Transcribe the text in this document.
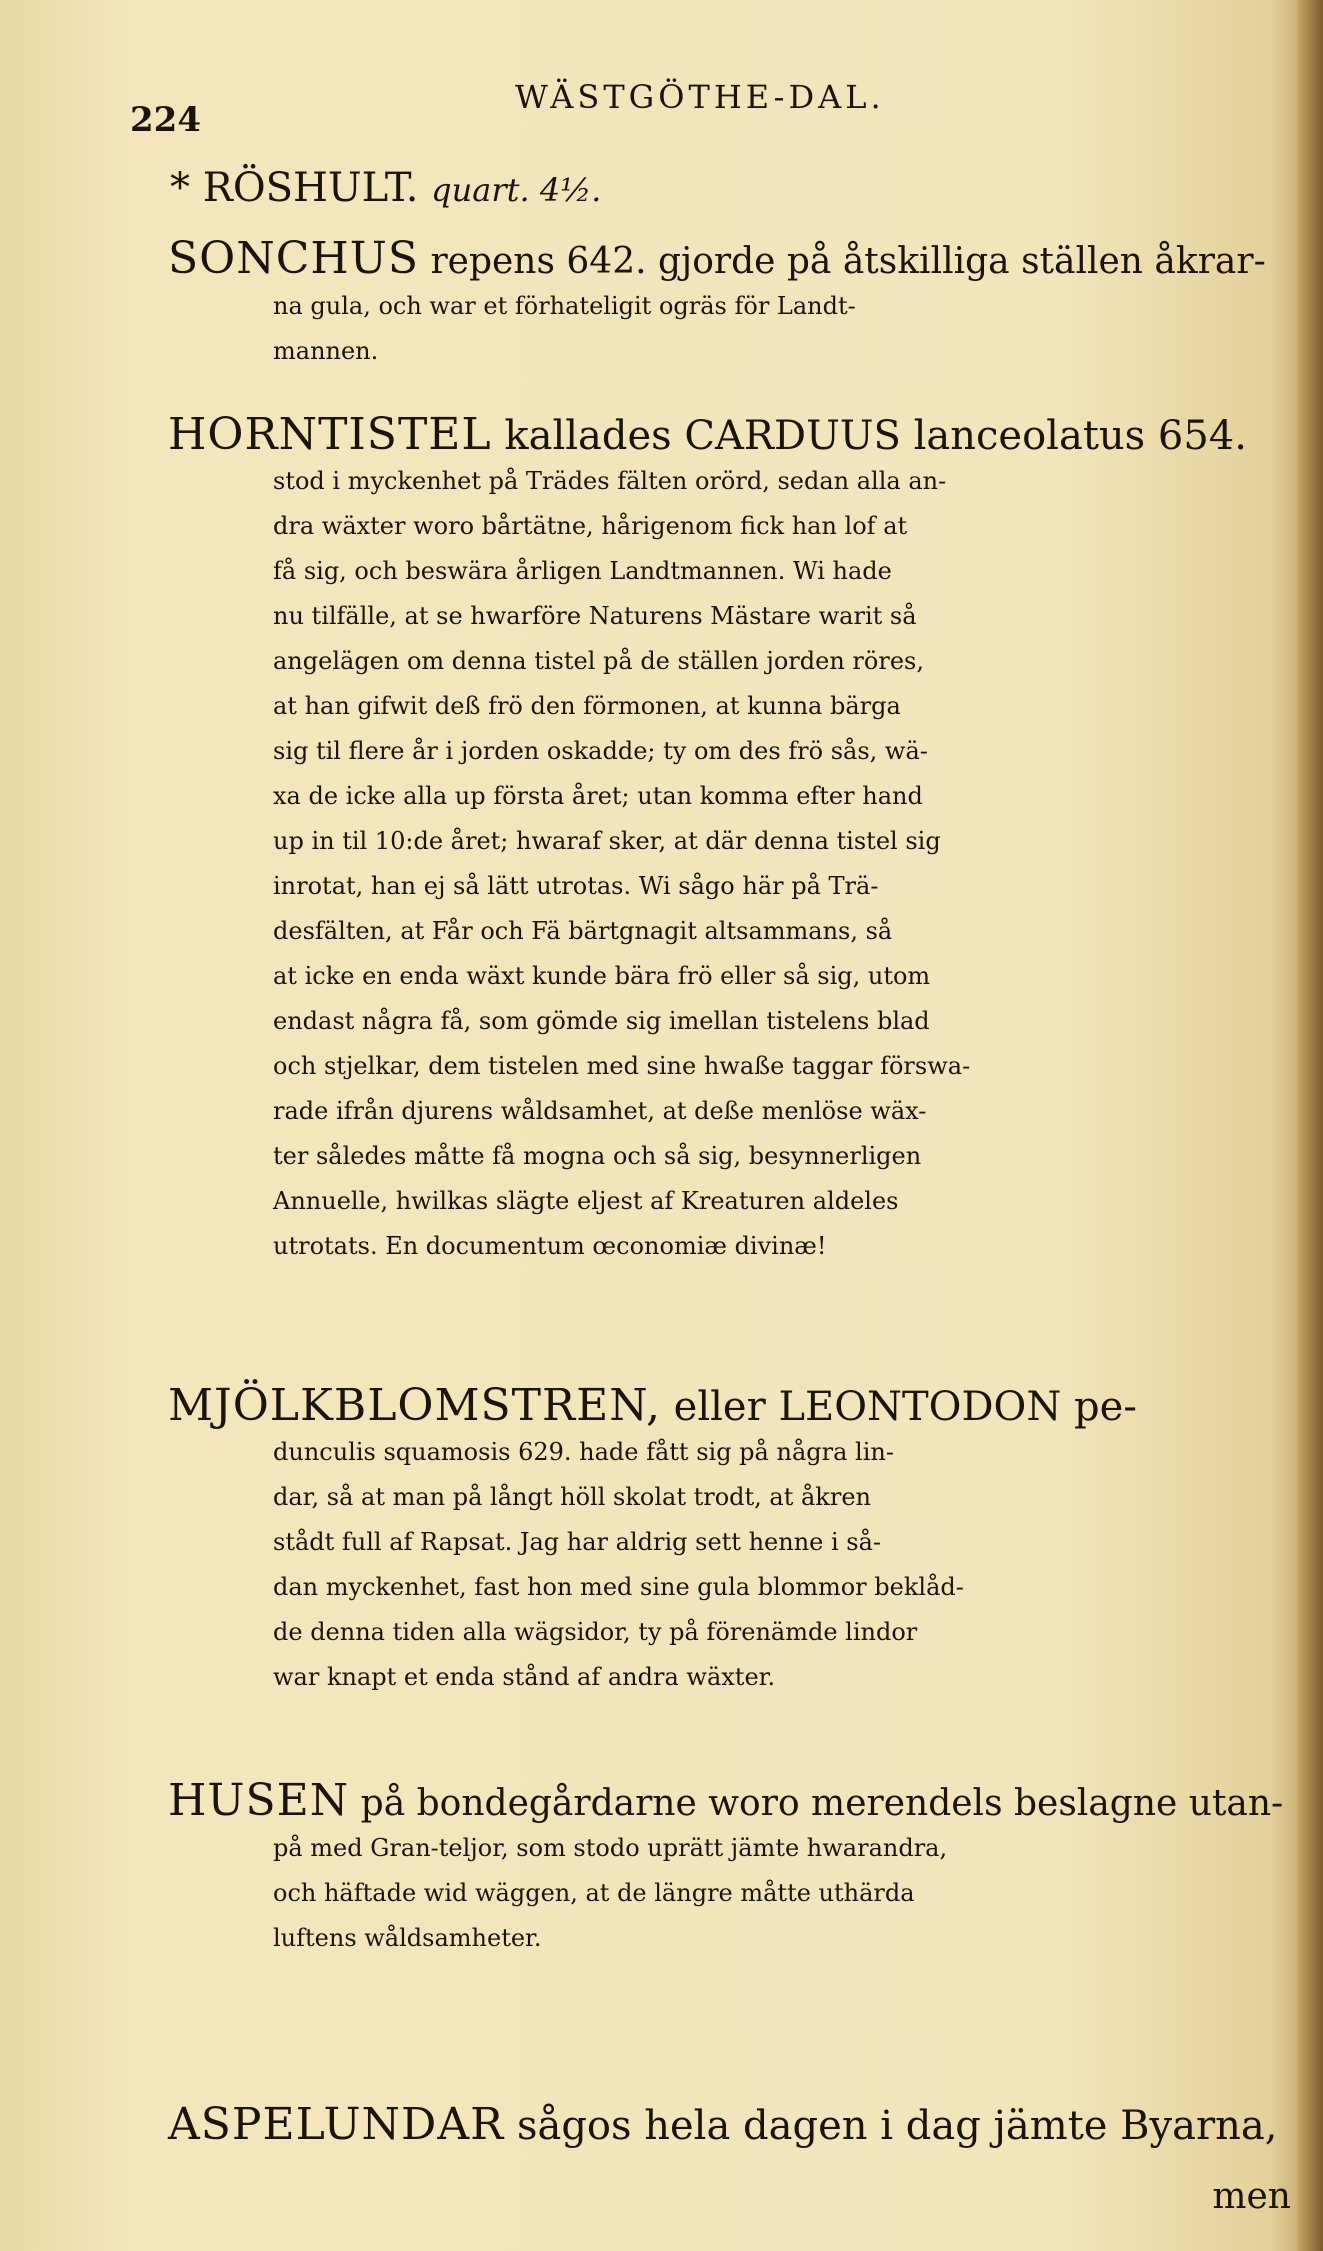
224
WÄSTGÖTHE-DAL.
* RÖSHULT. quart. 4½.
SONCHUS repens 642. gjorde på åtskilliga ställen åkrar-
na gula, och war et förhateligit ogräs för Landt-
mannen.
HORNTISTEL kallades CARDUUS lanceolatus 654.
stod i myckenhet på Trädes fälten orörd, sedan alla an-
dra wäxter woro bårtätne, hårigenom fick han lof at
få sig, och beswära årligen Landtmannen. Wi hade
nu tilfälle, at se hwarföre Naturens Mästare warit så
angelägen om denna tistel på de ställen jorden röres,
at han gifwit deß frö den förmonen, at kunna bärga
sig til flere år i jorden oskadde; ty om des frö sås, wä-
xa de icke alla up första året; utan komma efter hand
up in til 10:de året; hwaraf sker, at där denna tistel sig
inrotat, han ej så lätt utrotas. Wi sågo här på Trä-
desfälten, at Får och Fä bärtgnagit altsammans, så
at icke en enda wäxt kunde bära frö eller så sig, utom
endast några få, som gömde sig imellan tistelens blad
och stjelkar, dem tistelen med sine hwaße taggar förswa-
rade ifrån djurens wåldsamhet, at deße menlöse wäx-
ter således måtte få mogna och så sig, besynnerligen
Annuelle, hwilkas slägte eljest af Kreaturen aldeles
utrotats. En documentum œconomiæ divinæ!
MJÖLKBLOMSTREN, eller LEONTODON pe-
dunculis squamosis 629. hade fått sig på några lin-
dar, så at man på långt höll skolat trodt, at åkren
stådt full af Rapsat. Jag har aldrig sett henne i så-
dan myckenhet, fast hon med sine gula blommor beklåd-
de denna tiden alla wägsidor, ty på förenämde lindor
war knapt et enda stånd af andra wäxter.
HUSEN på bondegårdarne woro merendels beslagne utan-
på med Gran-teljor, som stodo uprätt jämte hwarandra,
och häftade wid wäggen, at de längre måtte uthärda
luftens wåldsamheter.
ASPELUNDAR sågos hela dagen i dag jämte Byarna,
men
